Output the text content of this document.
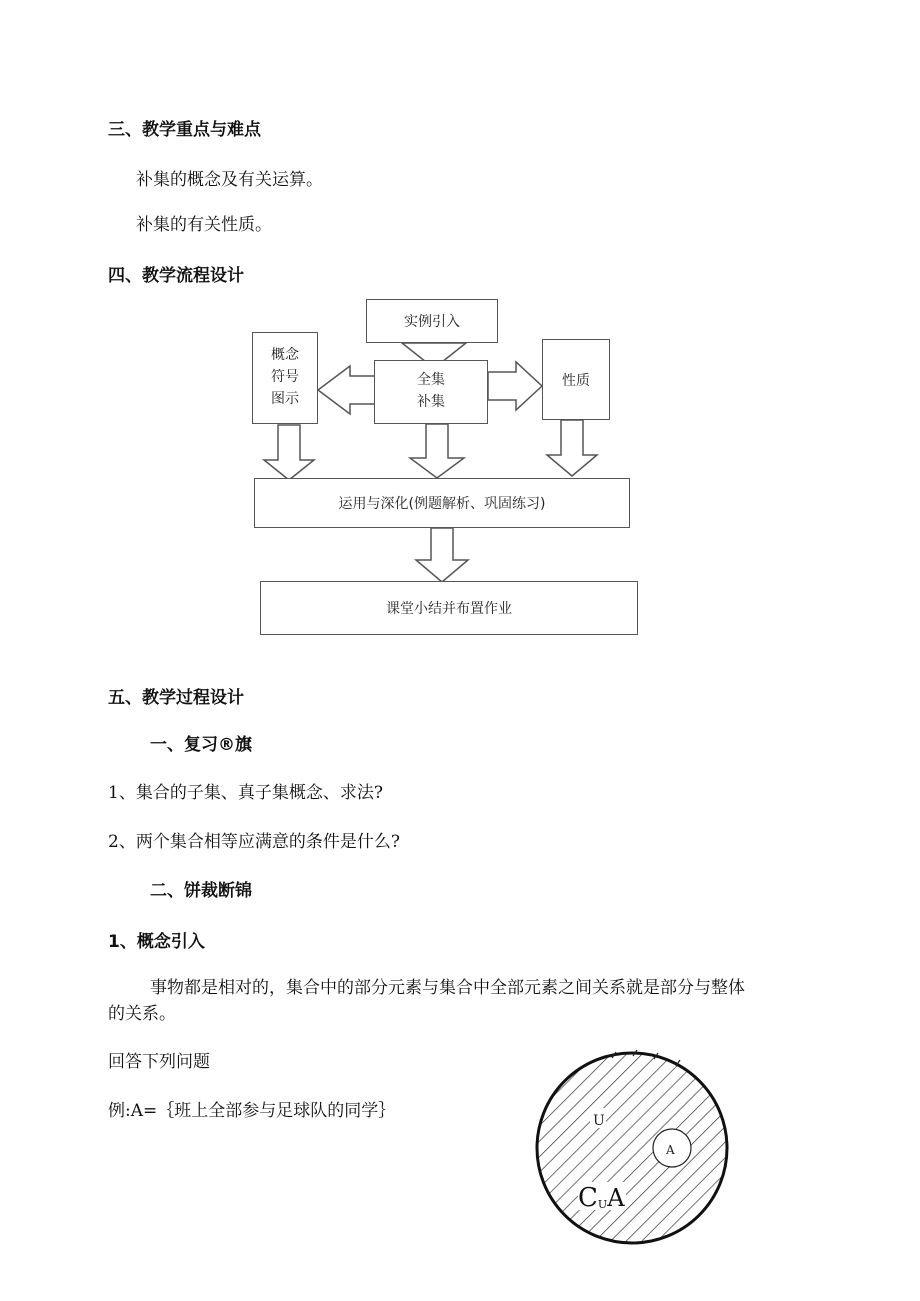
三、教学重点与难点
补集的概念及有关运算。
补集的有关性质。
四、教学流程设计
实例引入
概念
符号
图示
全集
补集
性质
运用与深化(例题解析、巩固练习)
课堂小结并布置作业
五、教学过程设计
一、复习®旗
1、集合的子集、真子集概念、求法?
2、两个集合相等应满意的条件是什么?
二、饼裁断锦
1、概念引入
事物都是相对的，集合中的部分元素与集合中全部元素之间关系就是部分与整体
的关系。
回答下列问题
例:A=｛班上全部参与足球队的同学｝	U
A
CUA
